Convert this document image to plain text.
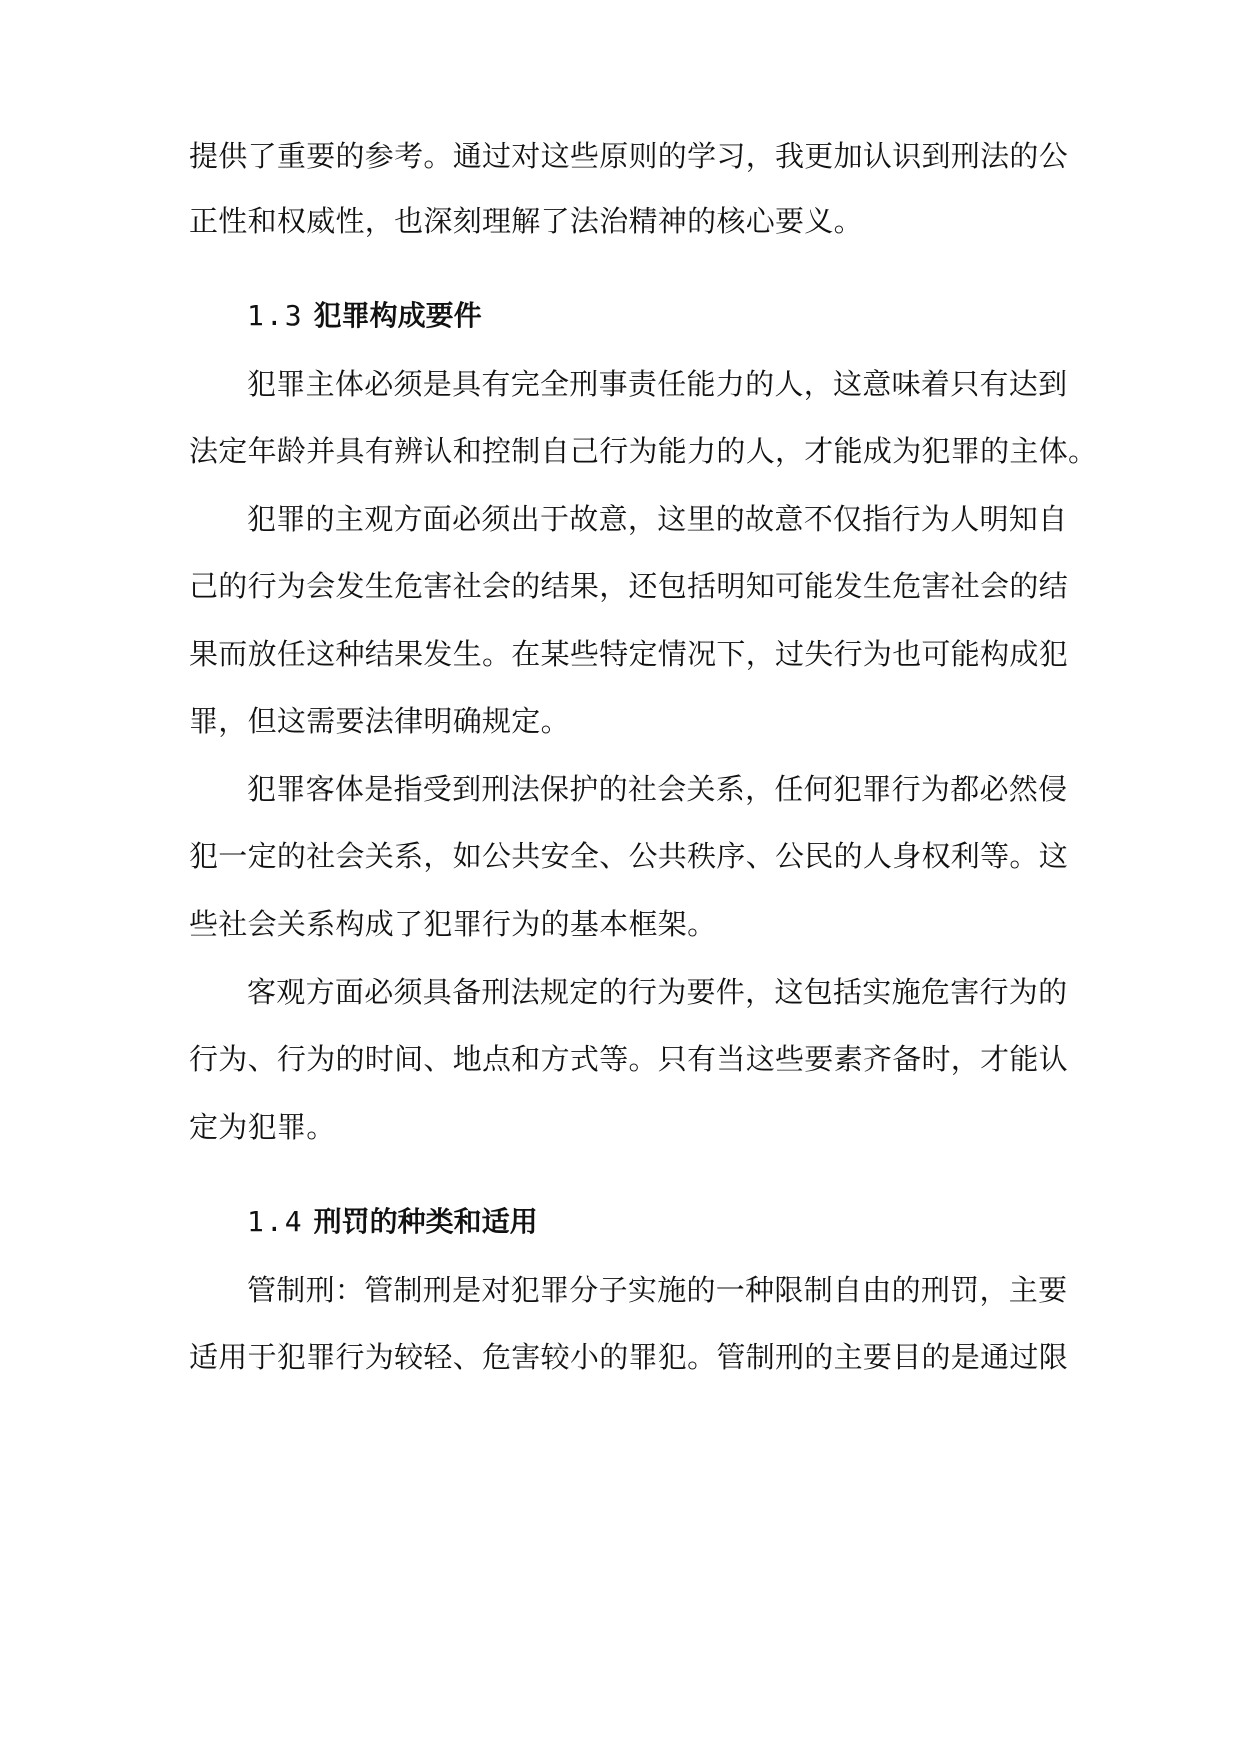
提供了重要的参考。通过对这些原则的学习，我更加认识到刑法的公
正性和权威性，也深刻理解了法治精神的核心要义。
1.3 犯罪构成要件
犯罪主体必须是具有完全刑事责任能力的人，这意味着只有达到
法定年龄并具有辨认和控制自己行为能力的人，才能成为犯罪的主体。
犯罪的主观方面必须出于故意，这里的故意不仅指行为人明知自
己的行为会发生危害社会的结果，还包括明知可能发生危害社会的结
果而放任这种结果发生。在某些特定情况下，过失行为也可能构成犯
罪，但这需要法律明确规定。
犯罪客体是指受到刑法保护的社会关系，任何犯罪行为都必然侵
犯一定的社会关系，如公共安全、公共秩序、公民的人身权利等。这
些社会关系构成了犯罪行为的基本框架。
客观方面必须具备刑法规定的行为要件，这包括实施危害行为的
行为、行为的时间、地点和方式等。只有当这些要素齐备时，才能认
定为犯罪。
1.4 刑罚的种类和适用
管制刑：管制刑是对犯罪分子实施的一种限制自由的刑罚，主要
适用于犯罪行为较轻、危害较小的罪犯。管制刑的主要目的是通过限
